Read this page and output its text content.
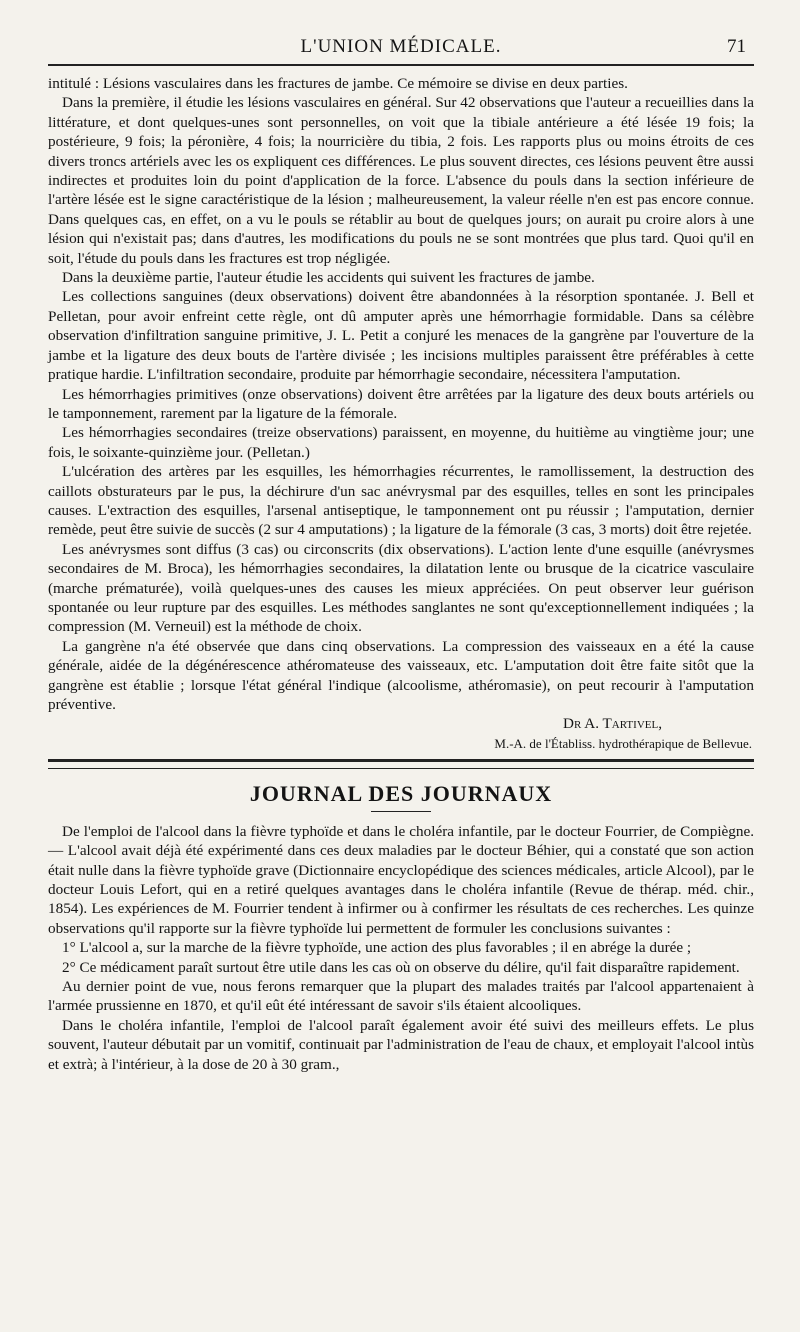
L'UNION MÉDICALE.	71

intitulé : Lésions vasculaires dans les fractures de jambe. Ce mémoire se divise en deux parties.

Dans la première, il étudie les lésions vasculaires en général. Sur 42 observations que l'auteur a recueillies dans la littérature, et dont quelques-unes sont personnelles, on voit que la tibiale antérieure a été lésée 19 fois; la postérieure, 9 fois; la péronière, 4 fois; la nourricière du tibia, 2 fois. Les rapports plus ou moins étroits de ces divers troncs artériels avec les os expliquent ces différences. Le plus souvent directes, ces lésions peuvent être aussi indirectes et produites loin du point d'application de la force. L'absence du pouls dans la section inférieure de l'artère lésée est le signe caractéristique de la lésion ; malheureusement, la valeur réelle n'en est pas encore connue. Dans quelques cas, en effet, on a vu le pouls se rétablir au bout de quelques jours; on aurait pu croire alors à une lésion qui n'existait pas; dans d'autres, les modifications du pouls ne se sont montrées que plus tard. Quoi qu'il en soit, l'étude du pouls dans les fractures est trop négligée.

Dans la deuxième partie, l'auteur étudie les accidents qui suivent les fractures de jambe.

Les collections sanguines (deux observations) doivent être abandonnées à la résorption spontanée. J. Bell et Pelletan, pour avoir enfreint cette règle, ont dû amputer après une hémorrhagie formidable. Dans sa célèbre observation d'infiltration sanguine primitive, J. L. Petit a conjuré les menaces de la gangrène par l'ouverture de la jambe et la ligature des deux bouts de l'artère divisée ; les incisions multiples paraissent être préférables à cette pratique hardie. L'infiltration secondaire, produite par hémorrhagie secondaire, nécessitera l'amputation.

Les hémorrhagies primitives (onze observations) doivent être arrêtées par la ligature des deux bouts artériels ou le tamponnement, rarement par la ligature de la fémorale.

Les hémorrhagies secondaires (treize observations) paraissent, en moyenne, du huitième au vingtième jour; une fois, le soixante-quinzième jour. (Pelletan.)

L'ulcération des artères par les esquilles, les hémorrhagies récurrentes, le ramollissement, la destruction des caillots obsturateurs par le pus, la déchirure d'un sac anévrysmal par des esquilles, telles en sont les principales causes. L'extraction des esquilles, l'arsenal antiseptique, le tamponnement ont pu réussir ; l'amputation, dernier remède, peut être suivie de succès (2 sur 4 amputations) ; la ligature de la fémorale (3 cas, 3 morts) doit être rejetée.

Les anévrysmes sont diffus (3 cas) ou circonscrits (dix observations). L'action lente d'une esquille (anévrysmes secondaires de M. Broca), les hémorrhagies secondaires, la dilatation lente ou brusque de la cicatrice vasculaire (marche prématurée), voilà quelques-unes des causes les mieux appréciées. On peut observer leur guérison spontanée ou leur rupture par des esquilles. Les méthodes sanglantes ne sont qu'exceptionnellement indiquées ; la compression (M. Verneuil) est la méthode de choix.

La gangrène n'a été observée que dans cinq observations. La compression des vaisseaux en a été la cause générale, aidée de la dégénérescence athéromateuse des vaisseaux, etc. L'amputation doit être faite sitôt que la gangrène est établie ; lorsque l'état général l'indique (alcoolisme, athéromasie), on peut recourir à l'amputation préventive.

Dr A. Tartivel,
M.-A. de l'Établiss. hydrothérapique de Bellevue.
JOURNAL DES JOURNAUX

De l'emploi de l'alcool dans la fièvre typhoïde et dans le choléra infantile, par le docteur Fourrier, de Compiègne. — L'alcool avait déjà été expérimenté dans ces deux maladies par le docteur Béhier, qui a constaté que son action était nulle dans la fièvre typhoïde grave (Dictionnaire encyclopédique des sciences médicales, article Alcool), par le docteur Louis Lefort, qui en a retiré quelques avantages dans le choléra infantile (Revue de thérap. méd. chir., 1854). Les expériences de M. Fourrier tendent à infirmer ou à confirmer les résultats de ces recherches. Les quinze observations qu'il rapporte sur la fièvre typhoïde lui permettent de formuler les conclusions suivantes :

1° L'alcool a, sur la marche de la fièvre typhoïde, une action des plus favorables ; il en abrége la durée ;

2° Ce médicament paraît surtout être utile dans les cas où on observe du délire, qu'il fait disparaître rapidement.

Au dernier point de vue, nous ferons remarquer que la plupart des malades traités par l'alcool appartenaient à l'armée prussienne en 1870, et qu'il eût été intéressant de savoir s'ils étaient alcooliques.

Dans le choléra infantile, l'emploi de l'alcool paraît également avoir été suivi des meilleurs effets. Le plus souvent, l'auteur débutait par un vomitif, continuait par l'administration de l'eau de chaux, et employait l'alcool intùs et extrà; à l'intérieur, à la dose de 20 à 30 gram.,
